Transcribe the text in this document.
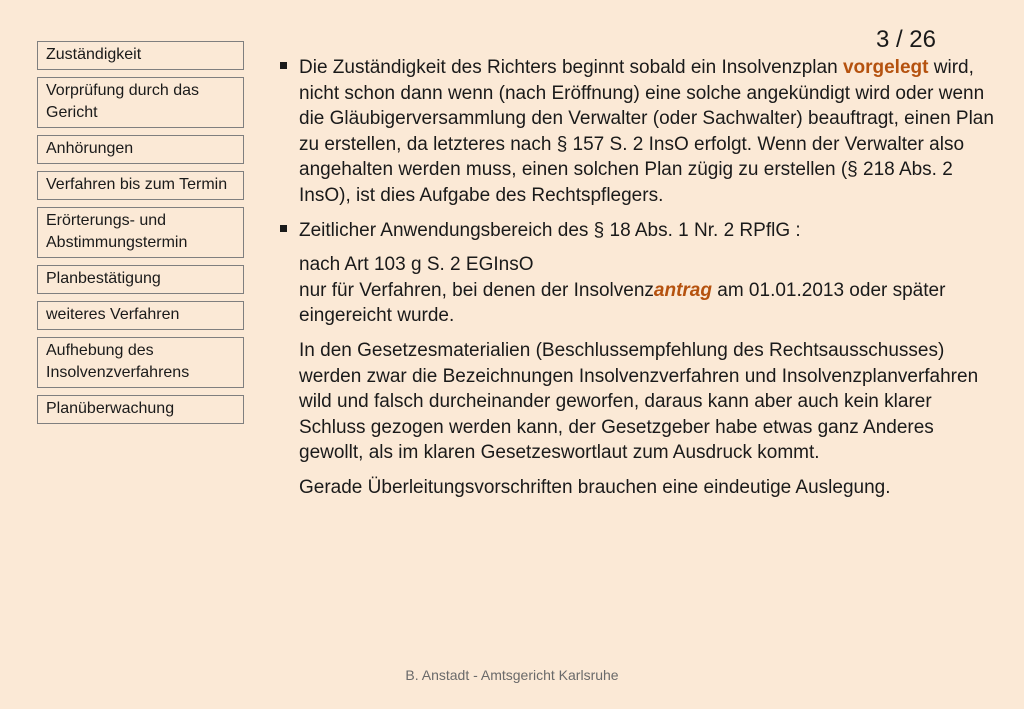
Zuständigkeit
Vorprüfung durch das Gericht
Anhörungen
Verfahren bis zum Termin
Erörterungs- und Abstimmungstermin
Planbestätigung
weiteres Verfahren
Aufhebung des Insolvenzverfahrens
Planüberwachung
3 / 26
Die Zuständigkeit des Richters beginnt sobald ein Insolvenzplan vorgelegt wird, nicht schon dann wenn (nach Eröffnung) eine solche angekündigt wird oder wenn die Gläubigerversammlung den Verwalter (oder Sachwalter) beauftragt, einen Plan zu erstellen, da letzteres nach § 157 S. 2 InsO erfolgt. Wenn der Verwalter also angehalten werden muss, einen solchen Plan zügig zu erstellen (§ 218 Abs. 2 InsO), ist dies Aufgabe des Rechtspflegers.
Zeitlicher Anwendungsbereich des § 18 Abs. 1 Nr. 2 RPflG :
nach Art 103 g S. 2 EGInsO
nur für Verfahren, bei denen der Insolvenzantrag am 01.01.2013 oder später eingereicht wurde.
In den Gesetzesmaterialien (Beschlussempfehlung des Rechtsausschusses) werden zwar die Bezeichnungen Insolvenzverfahren und Insolvenzplanverfahren wild und falsch durcheinander geworfen, daraus kann aber auch kein klarer Schluss gezogen werden kann, der Gesetzgeber habe etwas ganz Anderes gewollt, als im klaren Gesetzeswortlaut zum Ausdruck kommt.
Gerade Überleitungsvorschriften brauchen eine eindeutige Auslegung.
B. Anstadt - Amtsgericht Karlsruhe
